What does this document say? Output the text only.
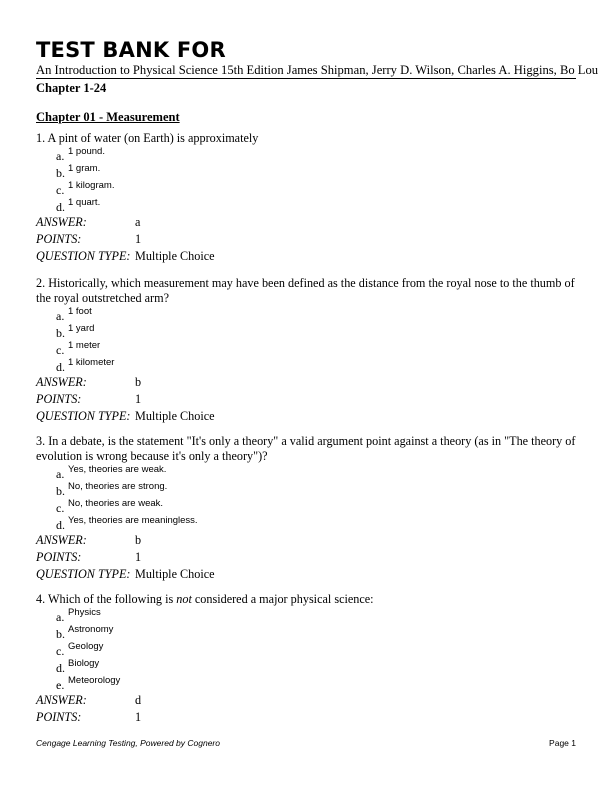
TEST BANK FOR
An Introduction to Physical Science 15th Edition James Shipman, Jerry D. Wilson, Charles A. Higgins, Bo Lou
Chapter 1-24
Chapter 01 - Measurement
1. A pint of water (on Earth) is approximately
a. 1 pound.
b. 1 gram.
c. 1 kilogram.
d. 1 quart.
ANSWER:	a
POINTS:	1
QUESTION TYPE: Multiple Choice
2. Historically, which measurement may have been defined as the distance from the royal nose to the thumb of the royal outstretched arm?
a. 1 foot
b. 1 yard
c. 1 meter
d. 1 kilometer
ANSWER:	b
POINTS:	1
QUESTION TYPE: Multiple Choice
3. In a debate, is the statement "It's only a theory" a valid argument point against a theory (as in "The theory of evolution is wrong because it's only a theory")?
a. Yes, theories are weak.
b. No, theories are strong.
c. No, theories are weak.
d. Yes, theories are meaningless.
ANSWER:	b
POINTS:	1
QUESTION TYPE: Multiple Choice
4. Which of the following is not considered a major physical science:
a. Physics
b. Astronomy
c. Geology
d. Biology
e. Meteorology
ANSWER:	d
POINTS:	1
Cengage Learning Testing, Powered by Cognero	Page 1
